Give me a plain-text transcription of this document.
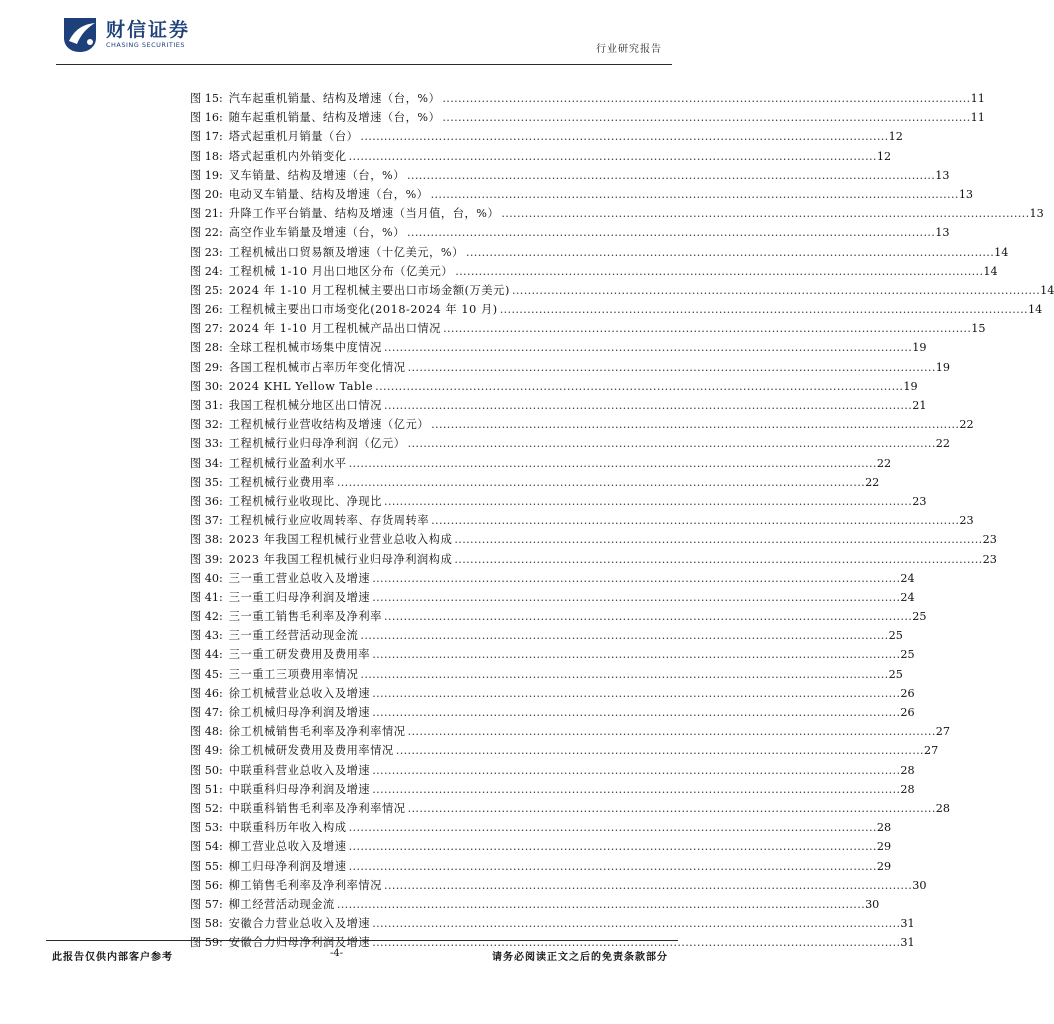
财信证券
CHASING SECURITIES	行业研究报告
图 15: 汽车起重机销量、结构及增速（台，%） . . .	11
图 16: 随车起重机销量、结构及增速（台，%） . . .	11
图 17: 塔式起重机月销量（台） . . .	12
图 18: 塔式起重机内外销变化 . . .	12
图 19: 叉车销量、结构及增速（台，%） . . .	13
图 20: 电动叉车销量、结构及增速（台，%） . . .	13
图 21: 升降工作平台销量、结构及增速（当月值，台，%） . . .	13
图 22: 高空作业车销量及增速（台，%） . . .	13
图 23: 工程机械出口贸易额及增速（十亿美元，%） . . .	14
图 24: 工程机械 1-10 月出口地区分布（亿美元） . . .	14
图 25: 2024 年 1-10 月工程机械主要出口市场金额(万美元) . . .	14
图 26: 工程机械主要出口市场变化(2018-2024 年 10 月) . . .	14
图 27: 2024 年 1-10 月工程机械产品出口情况 . . .	15
图 28: 全球工程机械市场集中度情况 . . .	19
图 29: 各国工程机械市占率历年变化情况 . . .	19
图 30: 2024 KHL Yellow Table . . .	19
图 31: 我国工程机械分地区出口情况 . . .	21
图 32: 工程机械行业营收结构及增速（亿元） . . .	22
图 33: 工程机械行业归母净利润（亿元） . . .	22
图 34: 工程机械行业盈利水平 . . .	22
图 35: 工程机械行业费用率 . . .	22
图 36: 工程机械行业收现比、净现比 . . .	23
图 37: 工程机械行业应收周转率、存货周转率 . . .	23
图 38: 2023 年我国工程机械行业营业总收入构成 . . .	23
图 39: 2023 年我国工程机械行业归母净利润构成 . . .	23
图 40: 三一重工营业总收入及增速 . . .	24
图 41: 三一重工归母净利润及增速 . . .	24
图 42: 三一重工销售毛利率及净利率 . . .	25
图 43: 三一重工经营活动现金流 . . .	25
图 44: 三一重工研发费用及费用率 . . .	25
图 45: 三一重工三项费用率情况 . . .	25
图 46: 徐工机械营业总收入及增速 . . .	26
图 47: 徐工机械归母净利润及增速 . . .	26
图 48: 徐工机械销售毛利率及净利率情况 . . .	27
图 49: 徐工机械研发费用及费用率情况 . . .	27
图 50: 中联重科营业总收入及增速 . . .	28
图 51: 中联重科归母净利润及增速 . . .	28
图 52: 中联重科销售毛利率及净利率情况 . . .	28
图 53: 中联重科历年收入构成 . . .	28
图 54: 柳工营业总收入及增速 . . .	29
图 55: 柳工归母净利润及增速 . . .	29
图 56: 柳工销售毛利率及净利率情况 . . .	30
图 57: 柳工经营活动现金流 . . .	30
图 58: 安徽合力营业总收入及增速 . . .	31
图 59: 安徽合力归母净利润及增速 . . .	31
此报告仅供内部客户参考	-4-	请务必阅读正文之后的免责条款部分
